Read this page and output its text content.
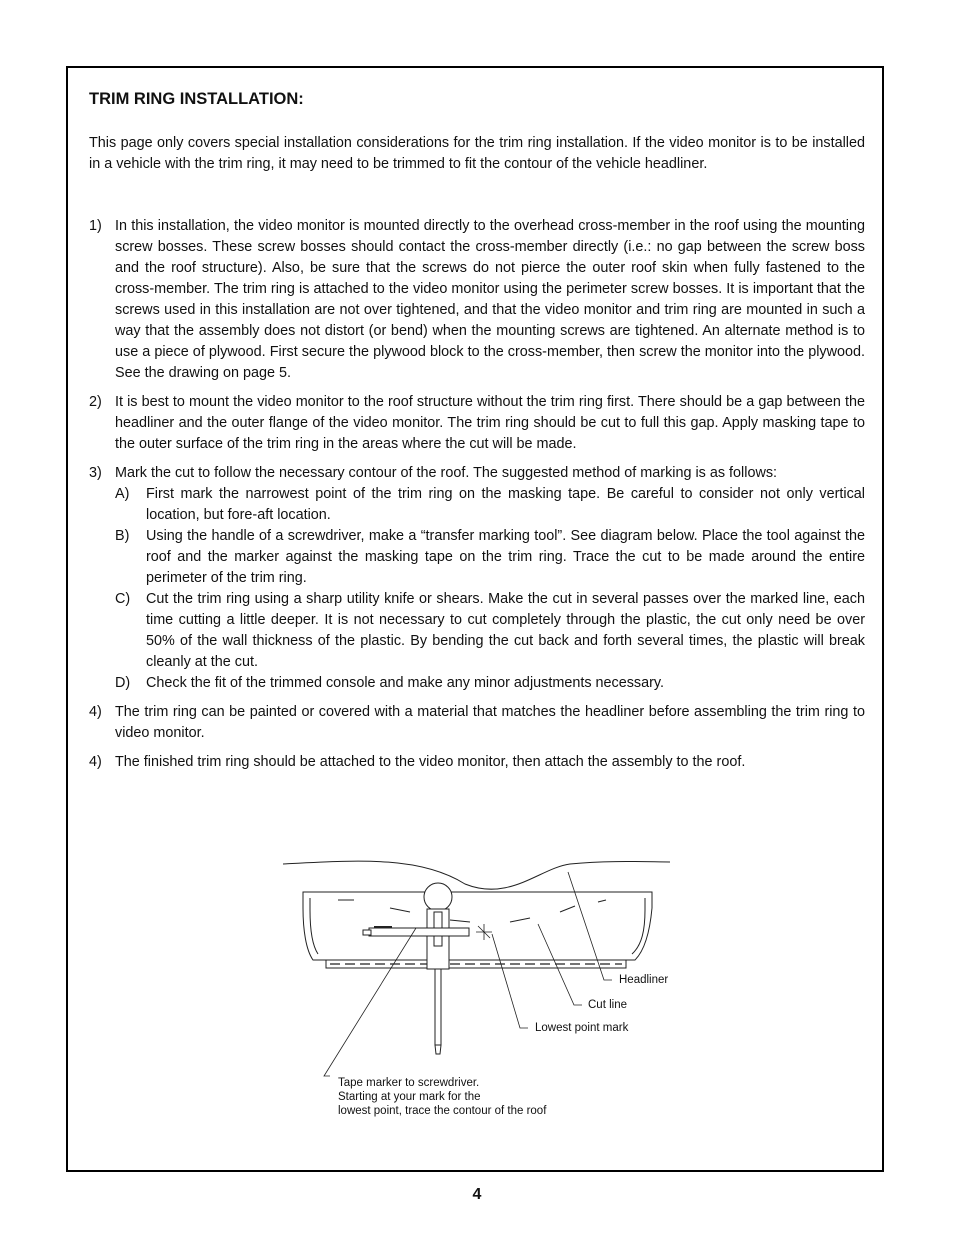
TRIM RING INSTALLATION:

This page only covers special installation considerations for the trim ring installation. If the video monitor is to be installed in a vehicle with the trim ring, it may need to be trimmed to fit the contour of the vehicle headliner.

1) In this installation, the video monitor is mounted directly to the overhead cross-member in the roof using the mounting screw bosses. These screw bosses should contact the cross-member directly (i.e.: no gap between the screw boss and the roof structure). Also, be sure that the screws do not pierce the outer roof skin when fully fastened to the cross-member. The trim ring is attached to the video monitor using the perimeter screw bosses. It is important that the screws used in this installation are not over tightened, and that the video monitor and trim ring are mounted in such a way that the assembly does not distort (or bend) when the mounting screws are tightened. An alternate method is to use a piece of plywood. First secure the plywood block to the cross-member, then screw the monitor into the plywood. See the drawing on page 5.
2) It is best to mount the video monitor to the roof structure without the trim ring first. There should be a gap between the headliner and the outer flange of the video monitor. The trim ring should be cut to full this gap. Apply masking tape to the outer surface of the trim ring in the areas where the cut will be made.
3) Mark the cut to follow the necessary contour of the roof. The suggested method of marking is as follows:
A) First mark the narrowest point of the trim ring on the masking tape. Be careful to consider not only vertical location, but fore-aft location.
B) Using the handle of a screwdriver, make a “transfer marking tool”. See diagram below. Place the tool against the roof and the marker against the masking tape on the trim ring. Trace the cut to be made around the entire perimeter of the trim ring.
C) Cut the trim ring using a sharp utility knife or shears. Make the cut in several passes over the marked line, each time cutting a little deeper. It is not necessary to cut completely through the plastic, the cut only need be over 50% of the wall thickness of the plastic. By bending the cut back and forth several times, the plastic will break cleanly at the cut.
D) Check the fit of the trimmed console and make any minor adjustments necessary.
4) The trim ring can be painted or covered with a material that matches the headliner before assembling the trim ring to video monitor.
4) The finished trim ring should be attached to the video monitor, then attach the assembly to the roof.
Headliner
Cut line
Lowest point mark
Tape marker to screwdriver.
Starting at your mark for the
lowest point, trace the contour of the roof
4
